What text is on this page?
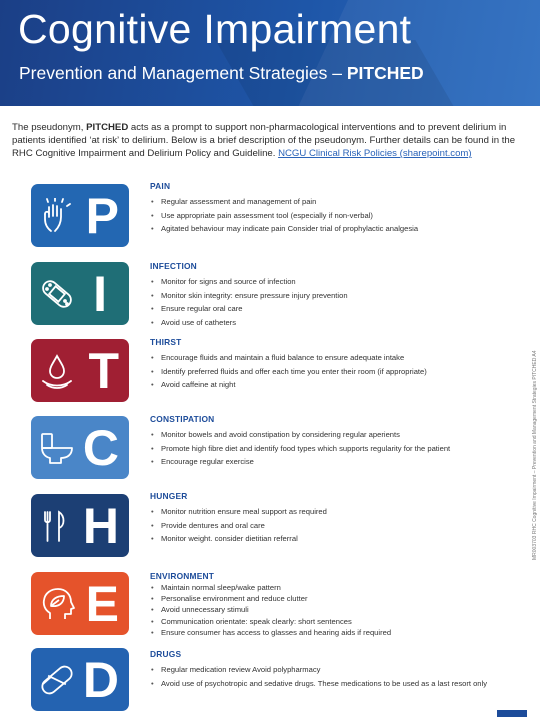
Cognitive Impairment
Prevention and Management Strategies – PITCHED

The pseudonym, PITCHED acts as a prompt to support non-pharmacological interventions and to prevent delirium in patients identified ‘at risk’ to delirium. Below is a brief description of the pseudonym. Further details can be found in the RHC Cognitive Impairment and Delirium Policy and Guideline. NCGU Clinical Risk Policies (sharepoint.com)

P
PAIN
• Regular assessment and management of pain
• Use appropriate pain assessment tool (especially if non-verbal)
• Agitated behaviour may indicate pain Consider trial of prophylactic analgesia
I	INFECTION
• Monitor for signs and source of infection
• Monitor skin integrity: ensure pressure injury prevention
• Ensure regular oral care
• Avoid use of catheters
T
THIRST
• Encourage fluids and maintain a fluid balance to ensure adequate intake
• Identify preferred fluids and offer each time you enter their room (if appropriate)
• Avoid caffeine at night
C
CONSTIPATION
• Monitor bowels and avoid constipation by considering regular aperients
• Promote high fibre diet and identify food types which supports regularity for the patient
• Encourage regular exercise
H
HUNGER
• Monitor nutrition ensure meal support as required
• Provide dentures and oral care
• Monitor weight. consider dietitian referral
E	ENVIRONMENT
• Maintain normal sleep/wake pattern
• Personalise environment and reduce clutter
• Avoid unnecessary stimuli
• Communication orientate: speak clearly: short sentences
• Ensure consumer has access to glasses and hearing aids if required
D	DRUGS
• Regular medication review Avoid polypharmacy
• Avoid use of psychotropic and sedative drugs. These medications to be used as a last resort only
MR003703 RHC Cognitive Impairment – Prevention and Management Strategies PITCHED A4
